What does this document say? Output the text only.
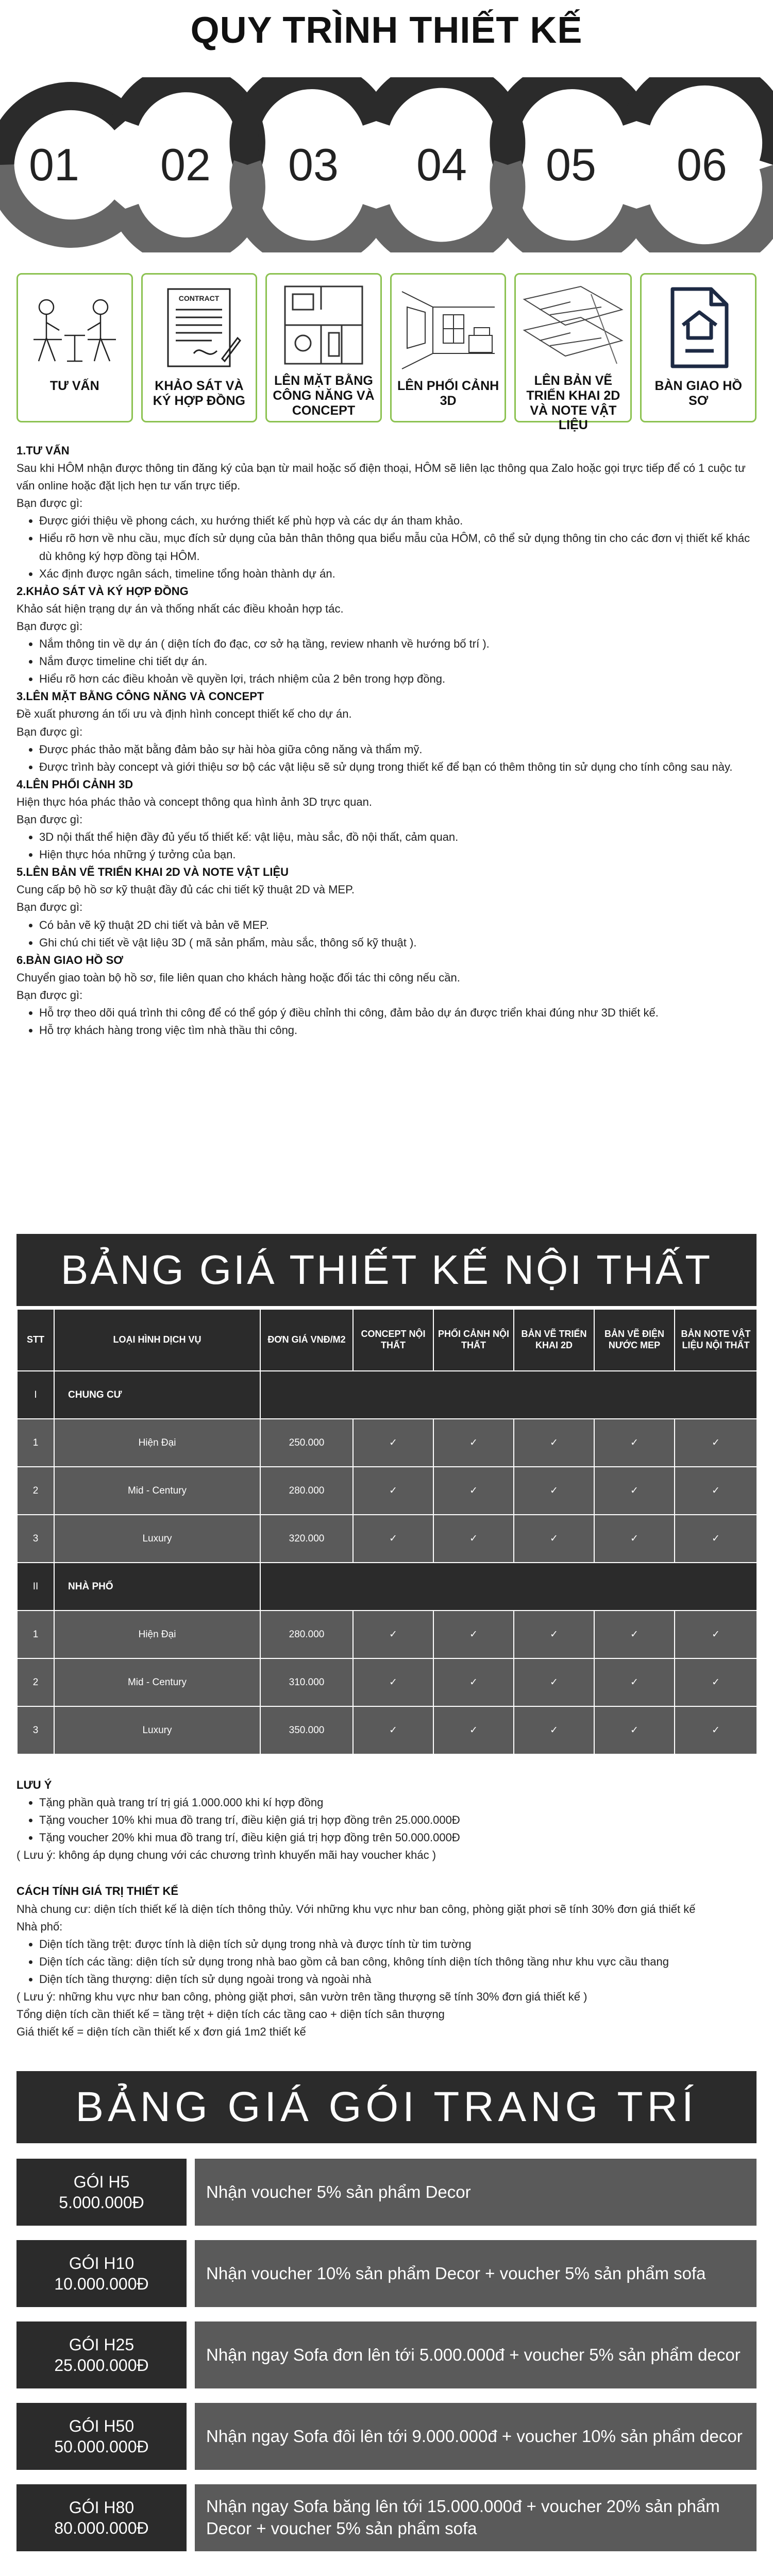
QUY TRÌNH THIẾT KẾ
01 02 03 04 05 06
TƯ VẤN
CONTRACT
KHẢO SÁT VÀ KÝ HỢP ĐỒNG
LÊN MẶT BẰNG CÔNG NĂNG VÀ CONCEPT
LÊN PHỐI CẢNH 3D
LÊN BẢN VẼ TRIỂN KHAI 2D VÀ NOTE VẬT LIỆU
BÀN GIAO HỒ SƠ
1.TƯ VẤN
Sau khi HÔM nhận được thông tin đăng ký của bạn từ mail hoặc số điện thoại, HÔM sẽ liên lạc thông qua Zalo hoặc gọi trực tiếp để có 1 cuộc tư vấn online hoặc đặt lịch hẹn tư vấn trực tiếp.
Bạn được gì:
• Được giới thiệu về phong cách, xu hướng thiết kế phù hợp và các dự án tham khảo.
• Hiểu rõ hơn về nhu cầu, mục đích sử dụng của bản thân thông qua biểu mẫu của HÔM, cô thể sử dụng thông tin cho các đơn vị thiết kế khác dù không ký hợp đồng tại HÔM.
• Xác định được ngân sách, timeline tổng hoàn thành dự án.
2.KHẢO SÁT VÀ KÝ HỢP ĐỒNG
Khảo sát hiện trạng dự án và thống nhất các điều khoản hợp tác.
Bạn được gì:
• Nắm thông tin về dự án ( diện tích đo đạc, cơ sở hạ tầng, review nhanh về hướng bố trí ).
• Nắm được timeline chi tiết dự án.
• Hiểu rõ hơn các điều khoản về quyền lợi, trách nhiệm của 2 bên trong hợp đồng.
3.LÊN MẶT BẰNG CÔNG NĂNG VÀ CONCEPT
Đề xuất phương án tối ưu và định hình concept thiết kế cho dự án.
Bạn được gì:
• Được phác thảo mặt bằng đảm bảo sự hài hòa giữa công năng và thẩm mỹ.
• Được trình bày concept và giới thiệu sơ bộ các vật liệu sẽ sử dụng trong thiết kế để bạn có thêm thông tin sử dụng cho tính công sau này.
4.LÊN PHỐI CẢNH 3D
Hiện thực hóa phác thảo và concept thông qua hình ảnh 3D trực quan.
Bạn được gì:
• 3D nội thất thể hiện đầy đủ yếu tố thiết kế: vật liệu, màu sắc, đồ nội thất, cảm quan.
• Hiện thực hóa những ý tưởng của bạn.
5.LÊN BẢN VẼ TRIỂN KHAI 2D VÀ NOTE VẬT LIỆU
Cung cấp bộ hồ sơ kỹ thuật đầy đủ các chi tiết kỹ thuật 2D và MEP.
Bạn được gì:
• Có bản vẽ kỹ thuật 2D chi tiết và bản vẽ MEP.
• Ghi chú chi tiết về vật liệu 3D ( mã sản phẩm, màu sắc, thông số kỹ thuật ).
6.BÀN GIAO HỒ SƠ
Chuyển giao toàn bộ hồ sơ, file liên quan cho khách hàng hoặc đối tác thi công nếu cần.
Bạn được gì:
• Hỗ trợ theo dõi quá trình thi công để có thể góp ý điều chỉnh thi công, đảm bảo dự án được triển khai đúng như 3D thiết kế.
• Hỗ trợ khách hàng trong việc tìm nhà thầu thi công.
BẢNG GIÁ THIẾT KẾ NỘI THẤT
STT	LOẠI HÌNH DỊCH VỤ	ĐƠN GIÁ VNĐ/M2	CONCEPT NỘI THẤT	PHỐI CẢNH NỘI THẤT	BẢN VẼ TRIỂN KHAI 2D	BẢN VẼ ĐIỆN NƯỚC MEP	BẢN NOTE VẬT LIỆU NỘI THẤT
I	CHUNG CƯ						
1	Hiện Đại	250.000	✓	✓	✓	✓	✓
2	Mid - Century	280.000	✓	✓	✓	✓	✓
3	Luxury	320.000	✓	✓	✓	✓	✓
II	NHÀ PHỐ						
1	Hiện Đại	280.000	✓	✓	✓	✓	✓
2	Mid - Century	310.000	✓	✓	✓	✓	✓
3	Luxury	350.000	✓	✓	✓	✓	✓
LƯU Ý
• Tặng phần quà trang trí trị giá 1.000.000 khi kí hợp đồng
• Tặng voucher 10% khi mua đồ trang trí, điều kiện giá trị hợp đồng trên 25.000.000Đ
• Tặng voucher 20% khi mua đồ trang trí, điều kiện giá trị hợp đồng trên 50.000.000Đ
( Lưu ý: không áp dụng chung với các chương trình khuyến mãi hay voucher khác )
CÁCH TÍNH GIÁ TRỊ THIẾT KẾ
Nhà chung cư: diện tích thiết kế là diện tích thông thủy. Với những khu vực như ban công, phòng giặt phơi sẽ tính 30% đơn giá thiết kế
Nhà phố:
• Diện tích tầng trệt: được tính là diện tích sử dụng trong nhà và được tính từ tim tường
• Diện tích các tầng: diện tích sử dụng trong nhà bao gồm cả ban công, không tính diện tích thông tầng như khu vực cầu thang
• Diện tích tầng thượng: diện tích sử dụng ngoài trong và ngoài nhà
( Lưu ý: những khu vực như ban công, phòng giặt phơi, sân vườn trên tầng thượng sẽ tính 30% đơn giá thiết kế )
Tổng diện tích cần thiết kế = tầng trệt + diện tích các tầng cao + diện tích sân thượng
Giá thiết kế = diện tích cần thiết kế x đơn giá 1m2 thiết kế
BẢNG GIÁ GÓI TRANG TRÍ
GÓI H5
5.000.000Đ
Nhận voucher 5% sản phẩm Decor
GÓI H10
10.000.000Đ
Nhận voucher 10% sản phẩm Decor + voucher 5% sản phẩm sofa
GÓI H25
25.000.000Đ
Nhận ngay Sofa đơn lên tới 5.000.000đ + voucher 5% sản phẩm decor
GÓI H50
50.000.000Đ
Nhận ngay Sofa đôi lên tới 9.000.000đ + voucher 10% sản phẩm decor
GÓI H80
80.000.000Đ
Nhận ngay Sofa băng lên tới 15.000.000đ + voucher 20% sản phẩm Decor + voucher 5% sản phẩm sofa
